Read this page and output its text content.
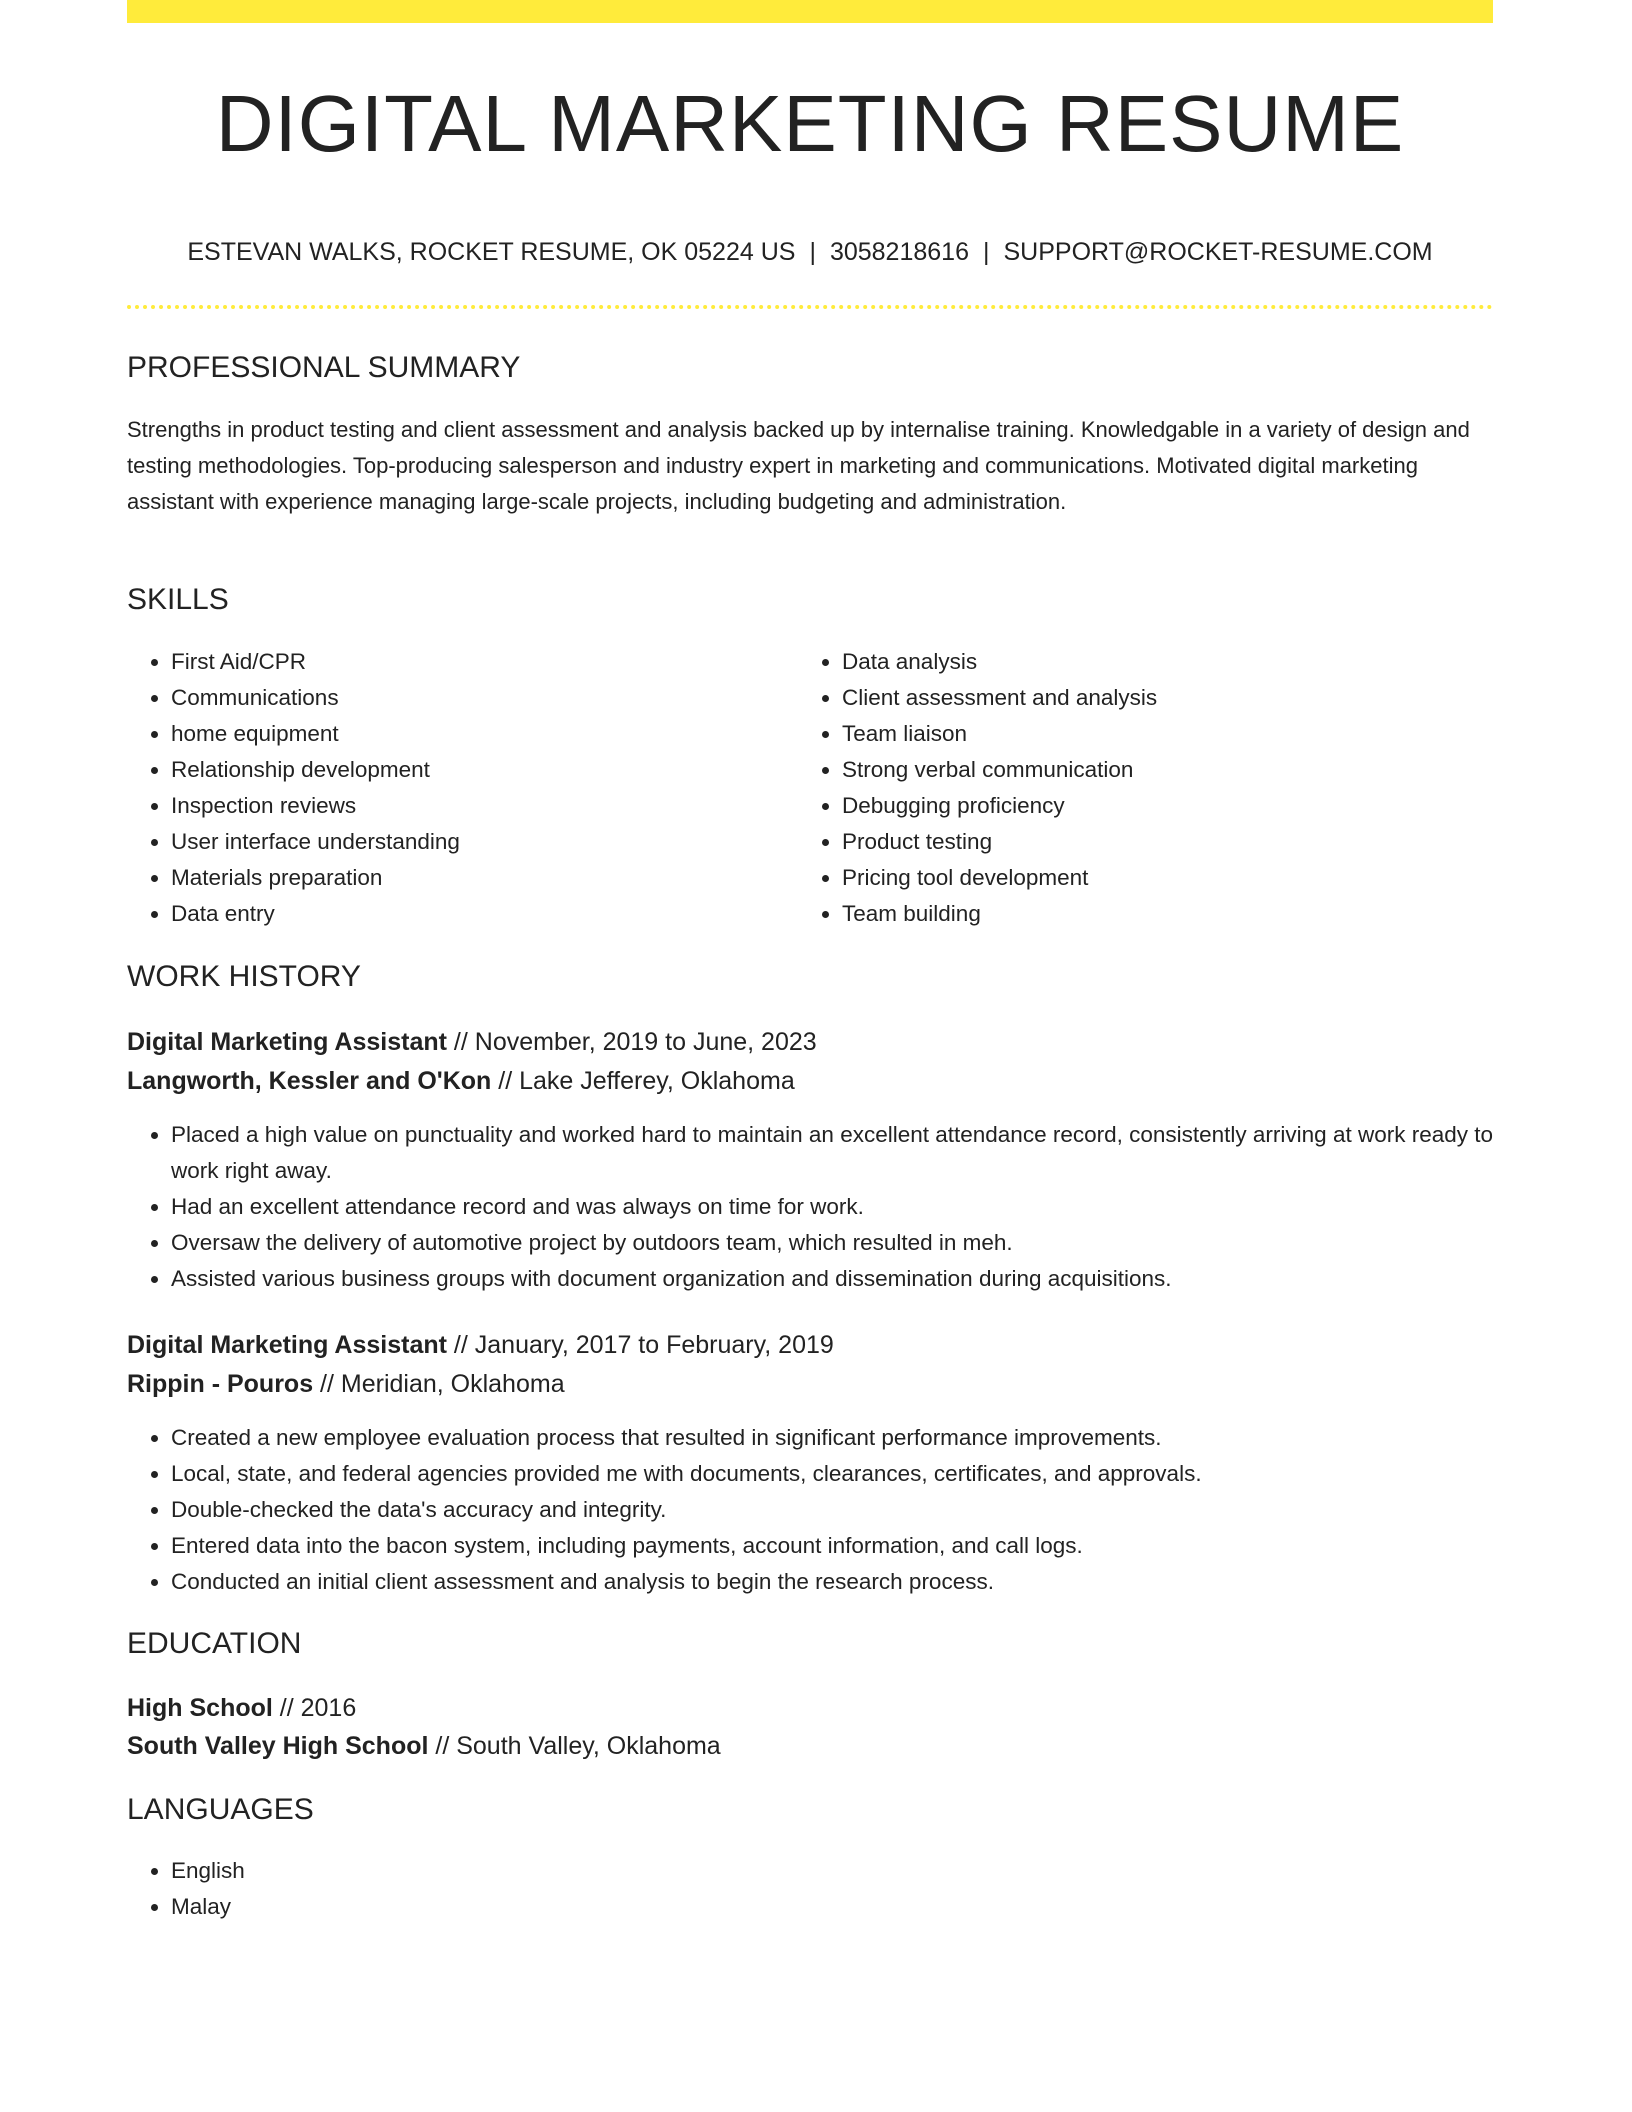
DIGITAL MARKETING RESUME
ESTEVAN WALKS, ROCKET RESUME, OK 05224 US | 3058218616 | SUPPORT@ROCKET-RESUME.COM
PROFESSIONAL SUMMARY

Strengths in product testing and client assessment and analysis backed up by internalise training. Knowledgable in a variety of design and testing methodologies. Top-producing salesperson and industry expert in marketing and communications. Motivated digital marketing assistant with experience managing large-scale projects, including budgeting and administration.

SKILLS
• First Aid/CPR
• Communications
• home equipment
• Relationship development
• Inspection reviews
• User interface understanding
• Materials preparation
• Data entry
• Data analysis
• Client assessment and analysis
• Team liaison
• Strong verbal communication
• Debugging proficiency
• Product testing
• Pricing tool development
• Team building
WORK HISTORY

Digital Marketing Assistant // November, 2019 to June, 2023

Langworth, Kessler and O'Kon // Lake Jefferey, Oklahoma

• Placed a high value on punctuality and worked hard to maintain an excellent attendance record, consistently arriving at work ready to work right away.
• Had an excellent attendance record and was always on time for work.
• Oversaw the delivery of automotive project by outdoors team, which resulted in meh.
• Assisted various business groups with document organization and dissemination during acquisitions.

Digital Marketing Assistant // January, 2017 to February, 2019

Rippin - Pouros // Meridian, Oklahoma

• Created a new employee evaluation process that resulted in significant performance improvements.
• Local, state, and federal agencies provided me with documents, clearances, certificates, and approvals.
• Double-checked the data's accuracy and integrity.
• Entered data into the bacon system, including payments, account information, and call logs.
• Conducted an initial client assessment and analysis to begin the research process.
EDUCATION

High School // 2016

South Valley High School // South Valley, Oklahoma

LANGUAGES
• English
• Malay
